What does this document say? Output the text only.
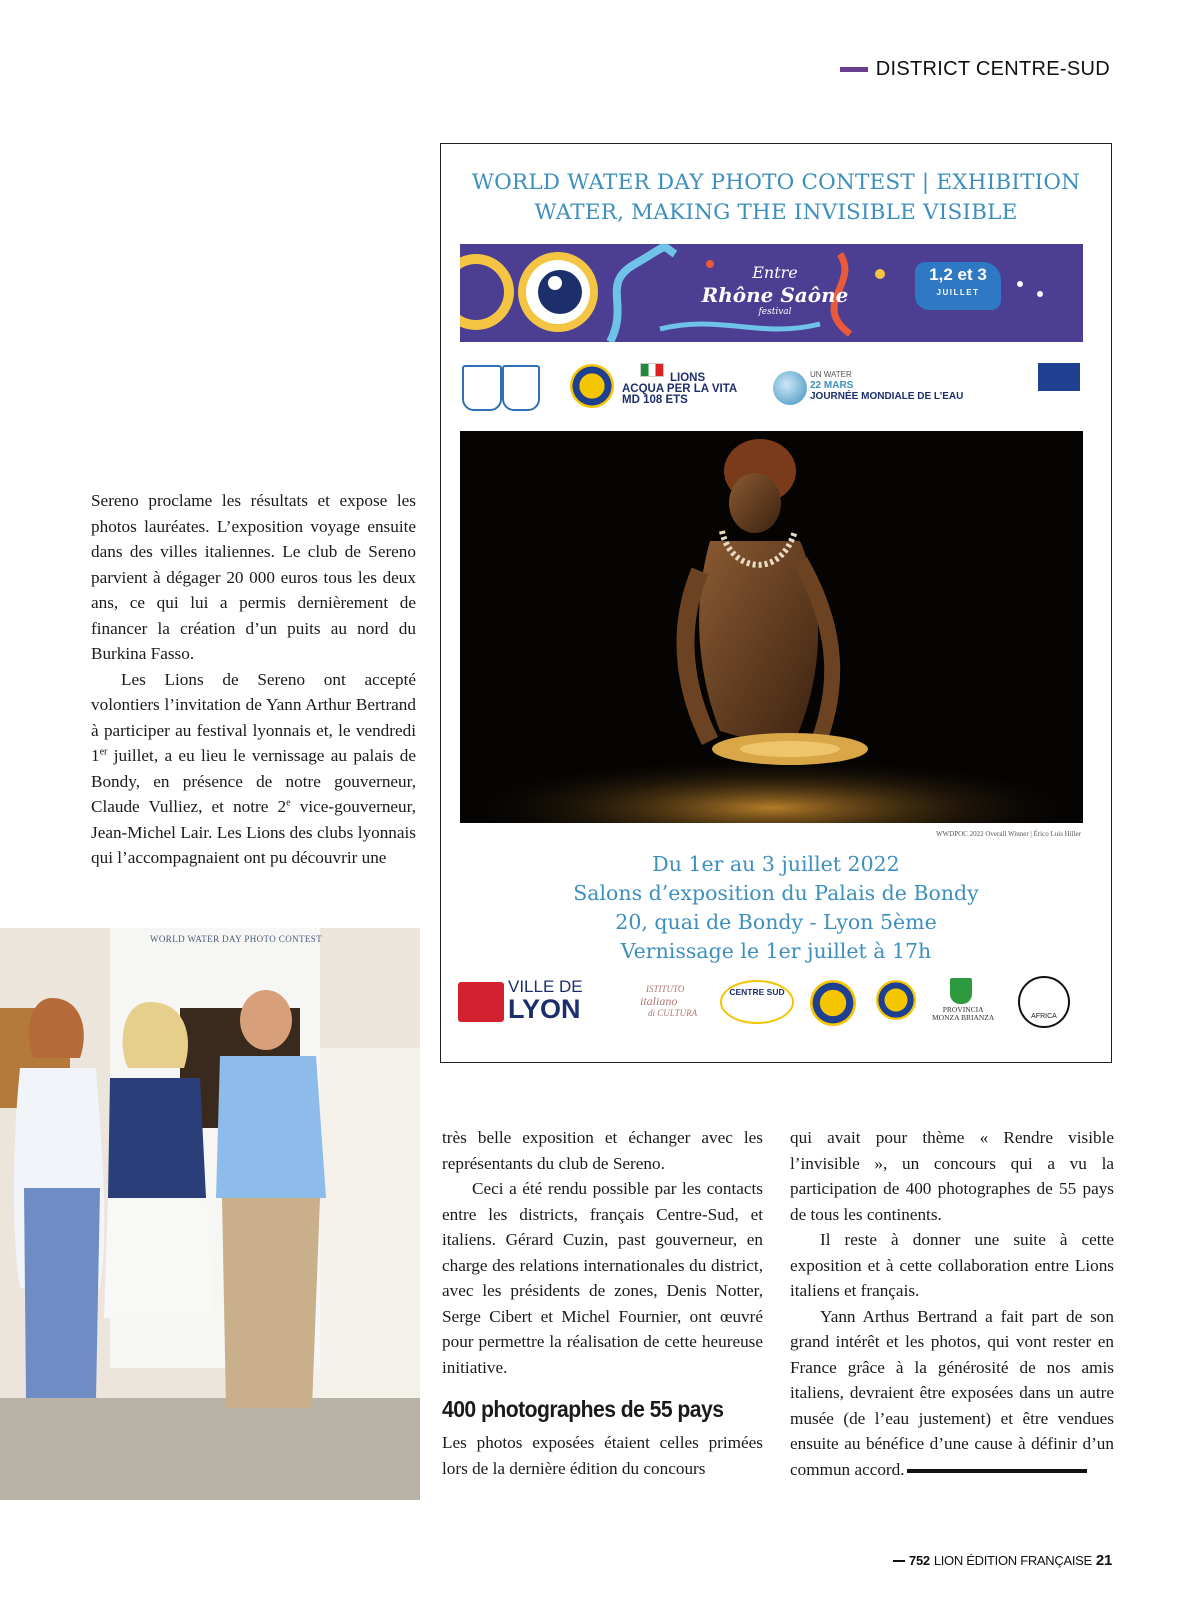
DISTRICT CENTRE-SUD

Sereno proclame les résultats et expose les photos lauréates. L’exposition voyage ensuite dans des villes italiennes. Le club de Sereno parvient à dégager 20 000 euros tous les deux ans, ce qui lui a permis dernièrement de financer la création d’un puits au nord du Burkina Fasso.

Les Lions de Sereno ont accepté volontiers l’invitation de Yann Arthur Bertrand à participer au festival lyonnais et, le vendredi 1er juillet, a eu lieu le vernissage au palais de Bondy, en présence de notre gouverneur, Claude Vulliez, et notre 2e vice-gouverneur, Jean-Michel Lair. Les Lions des clubs lyonnais qui l’accompagnaient ont pu découvrir une

WORLD WATER DAY PHOTO CONTEST | EXHIBITION
WATER, MAKING THE INVISIBLE VISIBLE
Entre
Rhône Saône
festival
1,2 et 3
JUILLET
LIONS
ACQUA PER LA VITA
MD 108 ETS
UN WATER
22 MARS
JOURNÉE MONDIALE DE L’EAU
WWDPOC 2022 Overall Winner | Érico Luis Hiller
Du 1er au 3 juillet 2022
Salons d’exposition du Palais de Bondy
20, quai de Bondy - Lyon 5ème
Vernissage le 1er juillet à 17h
VILLE DE
LYON
ISTITUTO
italiano
di CULTURA
CENTRE SUD
PROVINCIA
MONZA BRIANZA	AFRICA
WORLD WATER DAY PHOTO CONTEST

très belle exposition et échanger avec les représentants du club de Sereno.

Ceci a été rendu possible par les contacts entre les districts, français Centre-Sud, et italiens. Gérard Cuzin, past gouverneur, en charge des relations internationales du district, avec les présidents de zones, Denis Notter, Serge Cibert et Michel Fournier, ont œuvré pour permettre la réalisation de cette heureuse initiative.

400 photographes de 55 pays

Les photos exposées étaient celles primées lors de la dernière édition du concours

qui avait pour thème « Rendre visible l’invisible », un concours qui a vu la participation de 400 photographes de 55 pays de tous les continents.

Il reste à donner une suite à cette exposition et à cette collaboration entre Lions italiens et français.

Yann Arthus Bertrand a fait part de son grand intérêt et les photos, qui vont rester en France grâce à la générosité de nos amis italiens, devraient être exposées dans un autre musée (de l’eau justement) et être vendues ensuite au bénéfice d’une cause à définir d’un commun accord.

752 LION ÉDITION FRANÇAISE 21
